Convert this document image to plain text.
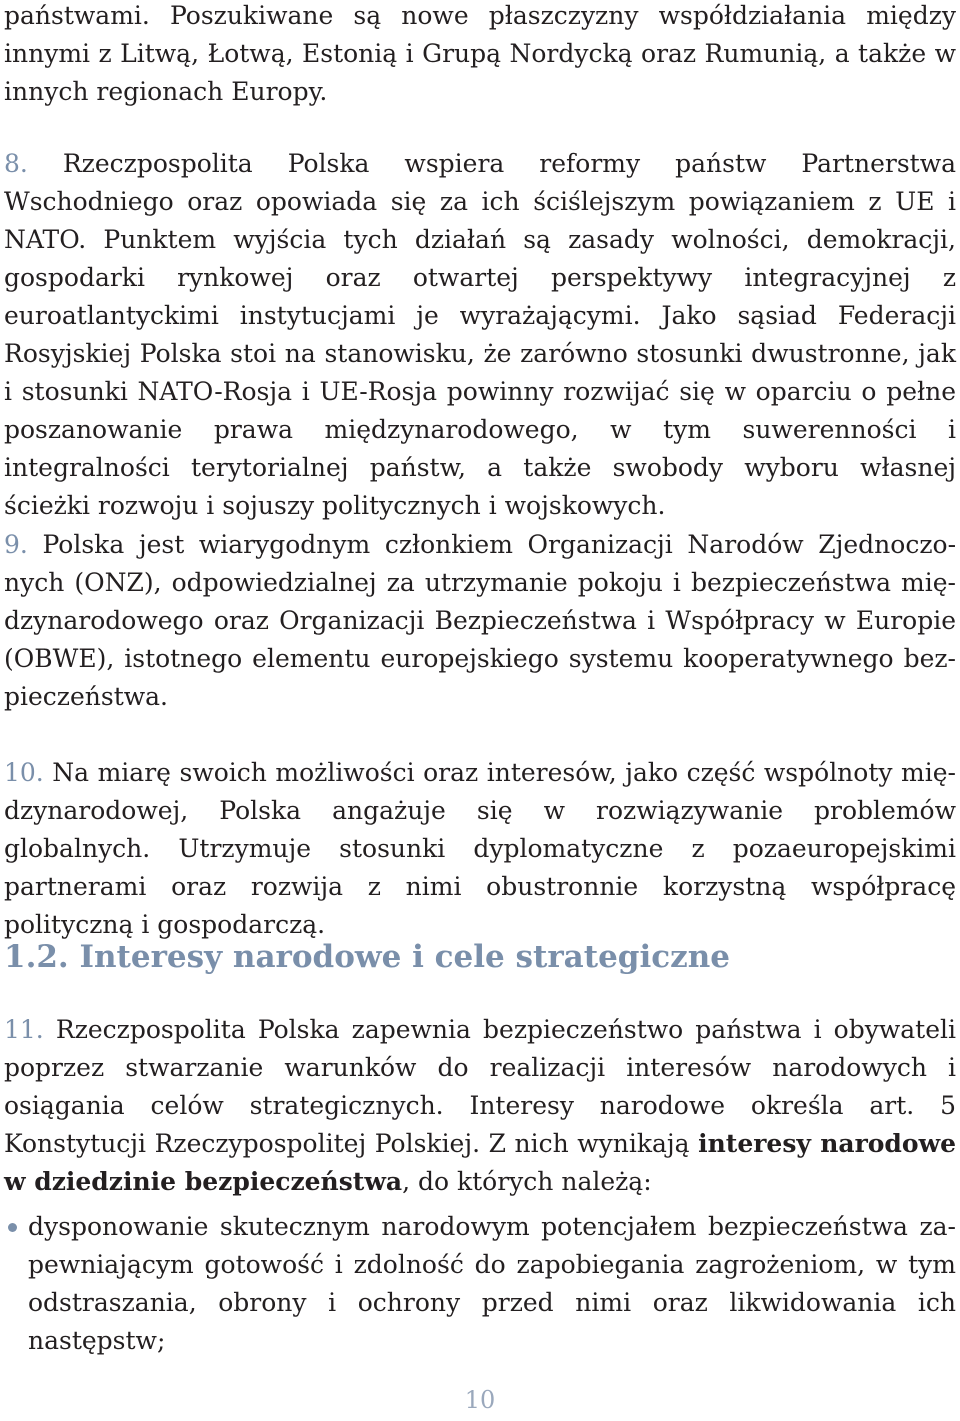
państwami. Poszukiwane są nowe płaszczyzny współdziałania między innymi z Litwą, Łotwą, Estonią i Grupą Nordycką oraz Rumunią, a także w innych regionach Europy.

8. Rzeczpospolita Polska wspiera reformy państw Partnerstwa Wschodniego oraz opowiada się za ich ściślejszym powiązaniem z UE i NATO. Punktem wyjścia tych działań są zasady wolności, demokracji, gospodarki rynkowej oraz otwartej perspektywy integracyjnej z euroatlantyckimi instytucjami je wyrażającymi. Jako sąsiad Federacji Rosyjskiej Polska stoi na stanowisku, że zarówno stosunki dwustronne, jak i stosunki NATO-Rosja i UE-Rosja powinny rozwijać się w oparciu o pełne poszanowanie prawa międzynarodowego, w tym suwerenności i integralności terytorialnej państw, a także swobody wyboru własnej ścieżki rozwoju i sojuszy politycznych i wojskowych.

9. Polska jest wiarygodnym członkiem Organizacji Narodów Zjednoczonych (ONZ), odpowiedzialnej za utrzymanie pokoju i bezpieczeństwa międzynarodowego oraz Organizacji Bezpieczeństwa i Współpracy w Europie (OBWE), istotnego elementu europejskiego systemu kooperatywnego bezpieczeństwa.

10. Na miarę swoich możliwości oraz interesów, jako część wspólnoty międzynarodowej, Polska angażuje się w rozwiązywanie problemów globalnych. Utrzymuje stosunki dyplomatyczne z pozaeuropejskimi partnerami oraz rozwija z nimi obustronnie korzystną współpracę polityczną i gospodarczą.

1.2. Interesy narodowe i cele strategiczne

11. Rzeczpospolita Polska zapewnia bezpieczeństwo państwa i obywateli poprzez stwarzanie warunków do realizacji interesów narodowych i osiągania celów strategicznych. Interesy narodowe określa art. 5 Konstytucji Rzeczypospolitej Polskiej. Z nich wynikają interesy narodowe w dziedzinie bezpieczeństwa, do których należą:

dysponowanie skutecznym narodowym potencjałem bezpieczeństwa zapewniającym gotowość i zdolność do zapobiegania zagrożeniom, w tym odstraszania, obrony i ochrony przed nimi oraz likwidowania ich następstw;
10
